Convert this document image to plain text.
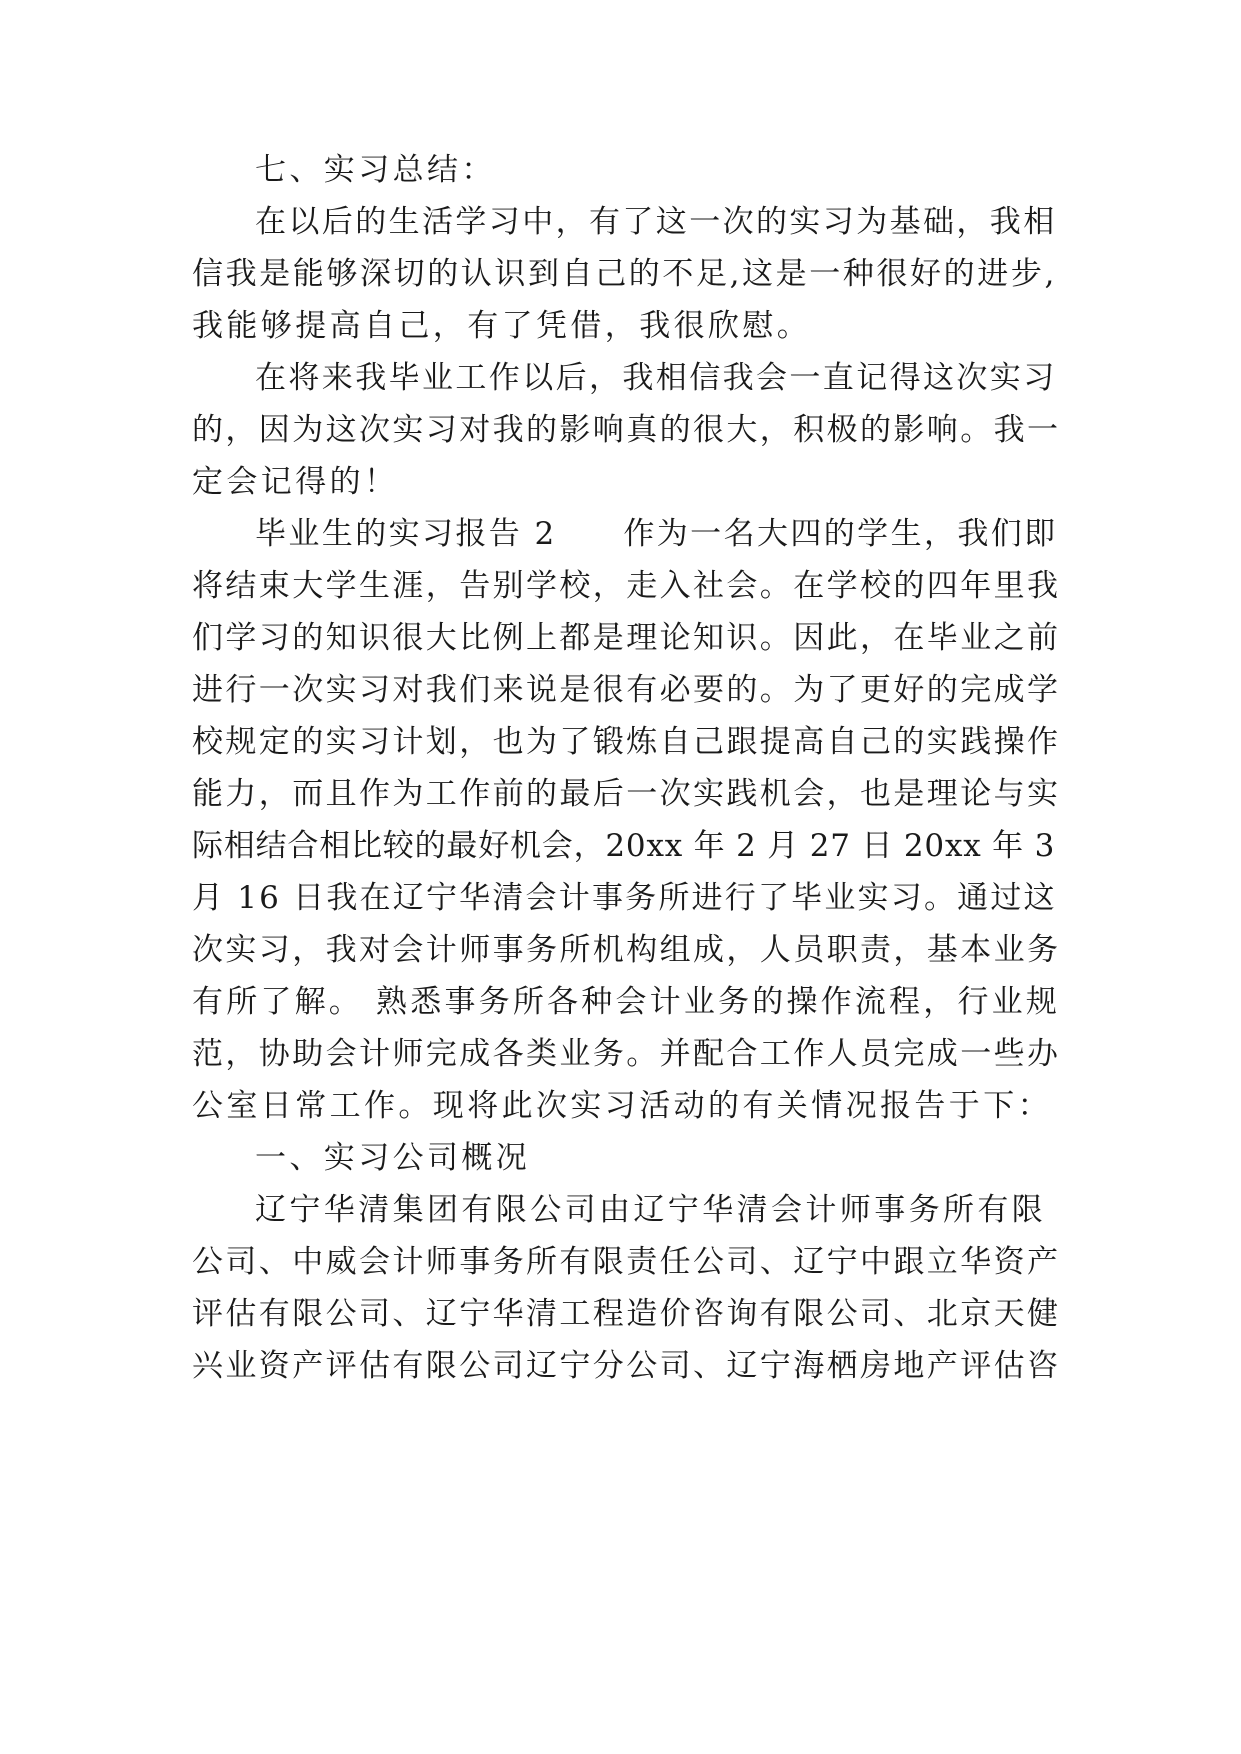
七、实习总结：
在以后的生活学习中，有了这一次的实习为基础，我相
信我是能够深切的认识到自己的不足,这是一种很好的进步,
我能够提高自己，有了凭借，我很欣慰。
在将来我毕业工作以后，我相信我会一直记得这次实习
的，因为这次实习对我的影响真的很大，积极的影响。我一
定会记得的！
毕业生的实习报告 2　　作为一名大四的学生，我们即
将结束大学生涯，告别学校，走入社会。在学校的四年里我
们学习的知识很大比例上都是理论知识。因此，在毕业之前
进行一次实习对我们来说是很有必要的。为了更好的完成学
校规定的实习计划，也为了锻炼自己跟提高自己的实践操作
能力，而且作为工作前的最后一次实践机会，也是理论与实
际相结合相比较的最好机会，20xx 年 2 月 27 日 20xx 年 3
月 16 日我在辽宁华清会计事务所进行了毕业实习。通过这
次实习，我对会计师事务所机构组成，人员职责，基本业务
有所了解。 熟悉事务所各种会计业务的操作流程，行业规
范，协助会计师完成各类业务。并配合工作人员完成一些办
公室日常工作。现将此次实习活动的有关情况报告于下：
一、实习公司概况
辽宁华清集团有限公司由辽宁华清会计师事务所有限
公司、中威会计师事务所有限责任公司、辽宁中跟立华资产
评估有限公司、辽宁华清工程造价咨询有限公司、北京天健
兴业资产评估有限公司辽宁分公司、辽宁海栖房地产评估咨
